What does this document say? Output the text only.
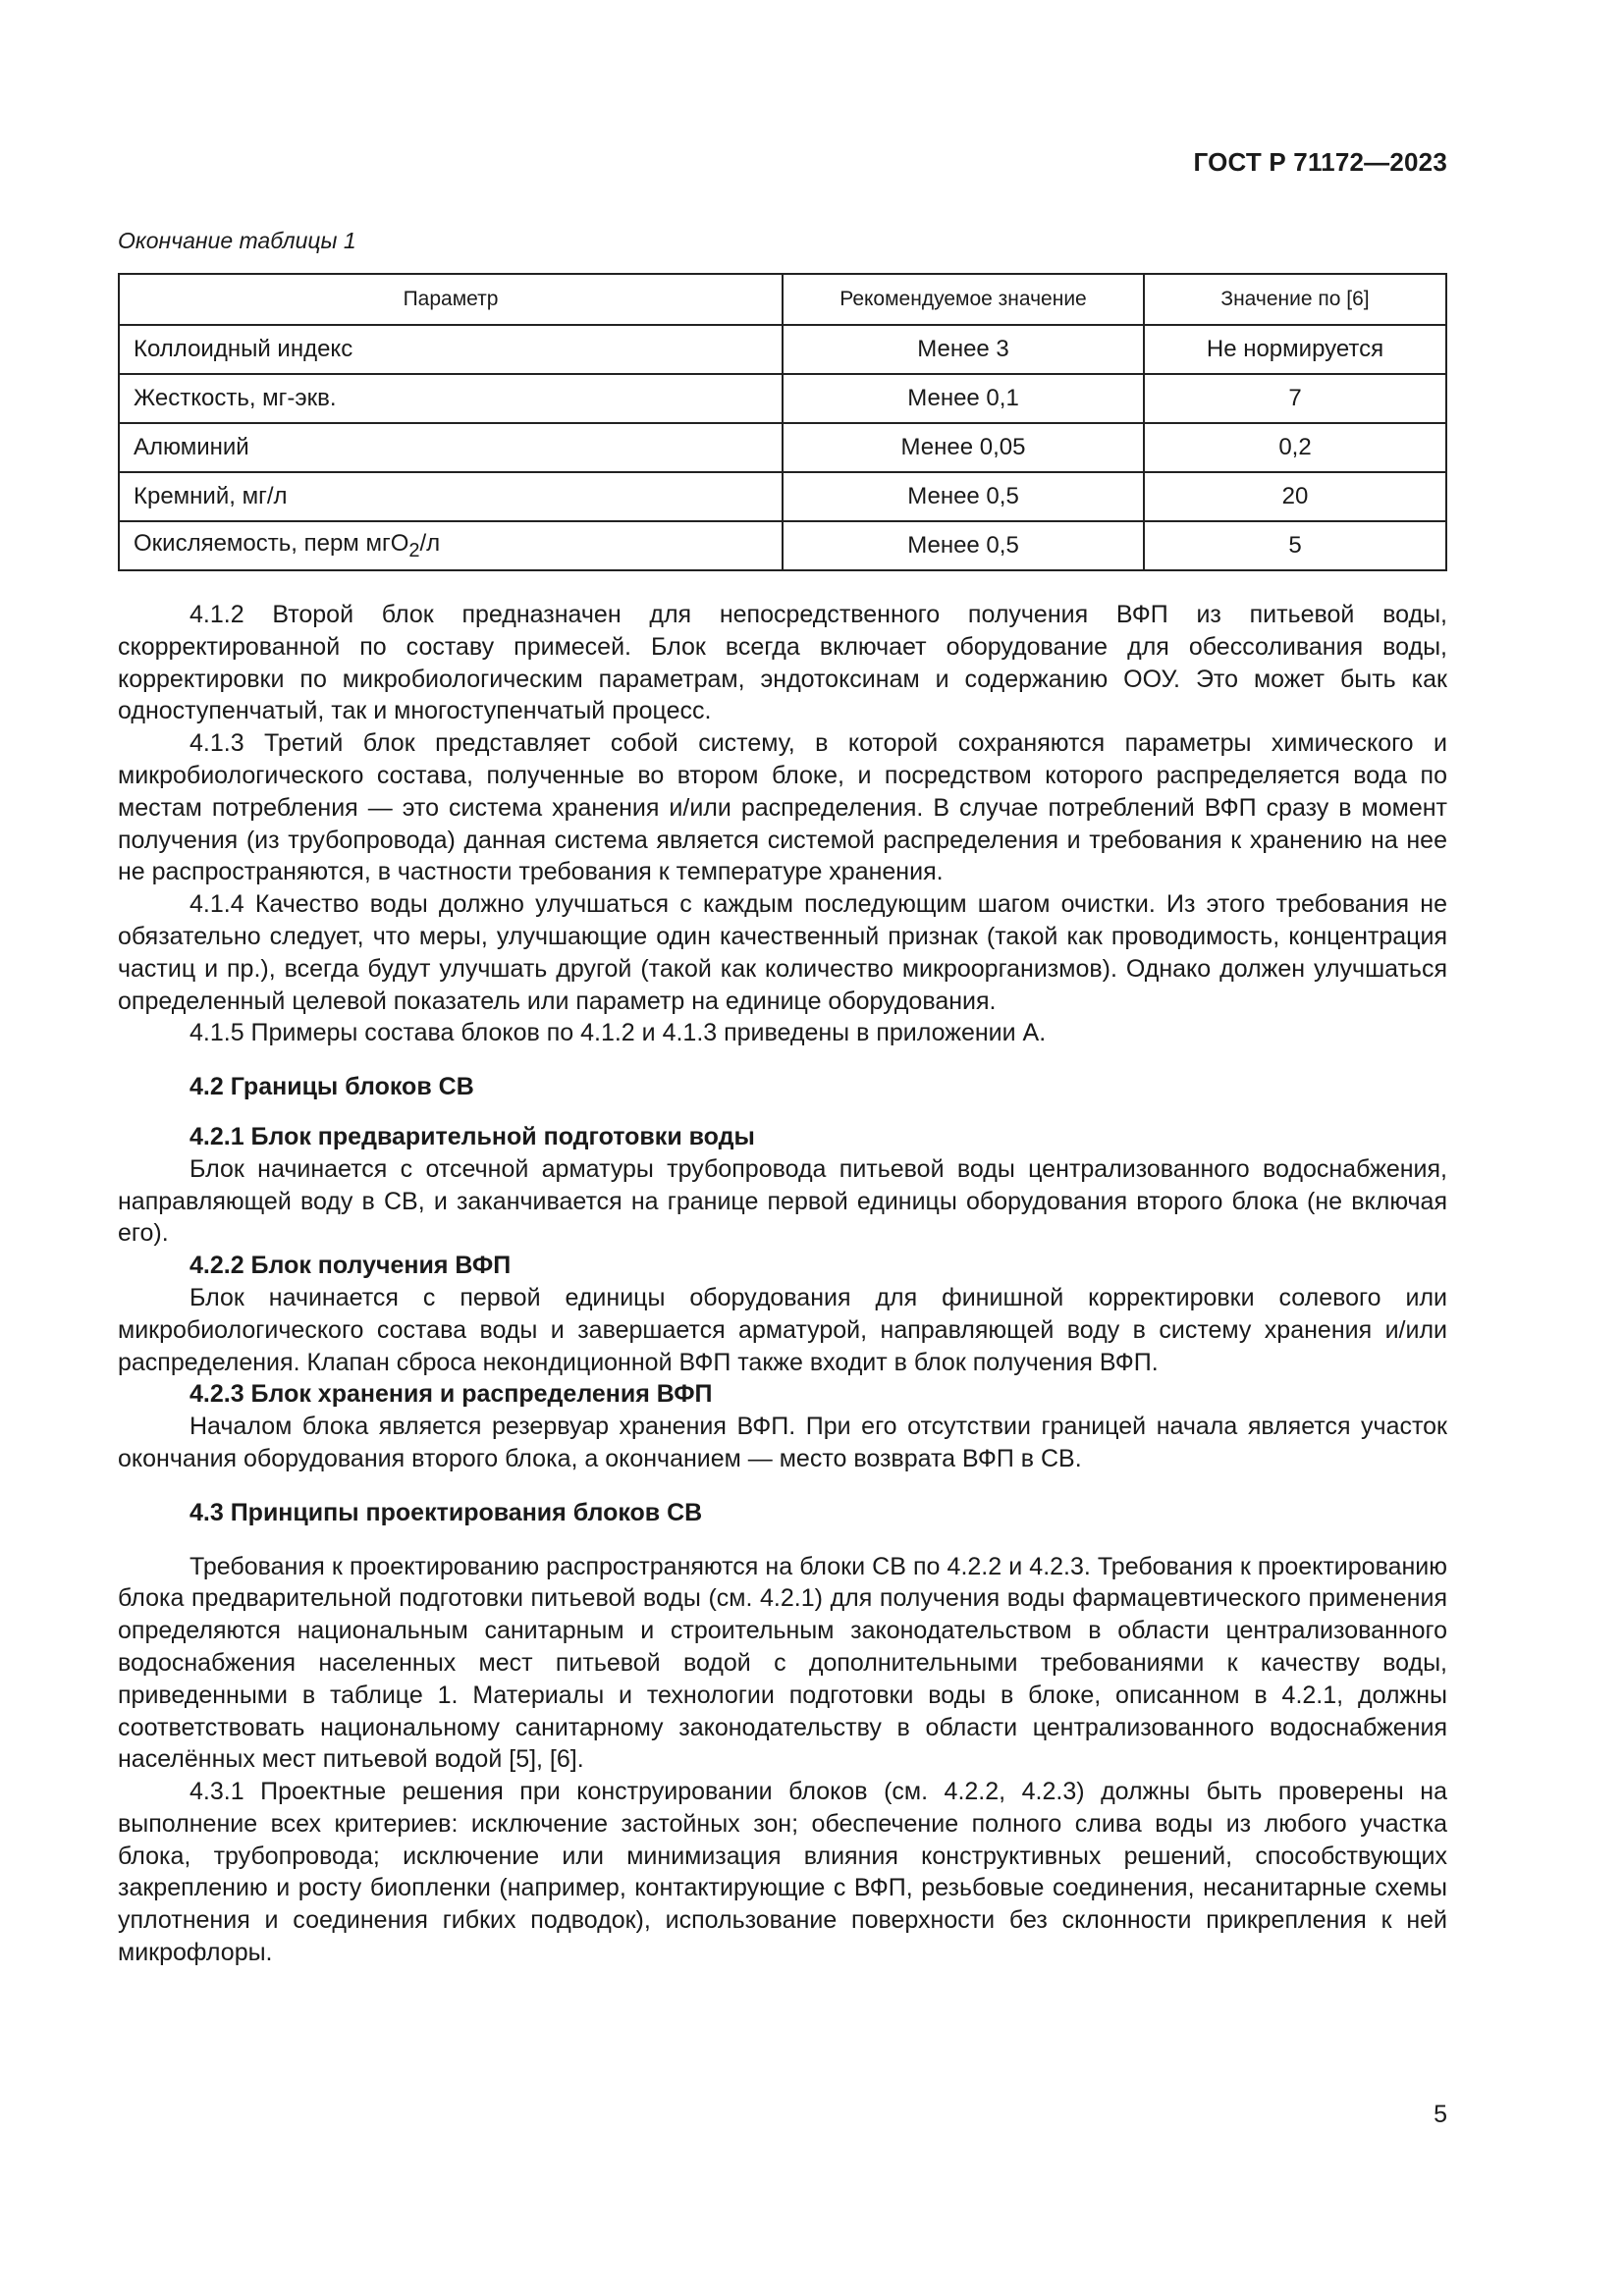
ГОСТ Р 71172—2023
Окончание таблицы 1
Параметр	Рекомендуемое значение	Значение по [6]
Коллоидный индекс	Менее 3	Не нормируется
Жесткость, мг-экв.	Менее 0,1	7
Алюминий	Менее 0,05	0,2
Кремний, мг/л	Менее 0,5	20
Окисляемость, перм мгО$_2$/л	Менее 0,5	5

4.1.2 Второй блок предназначен для непосредственного получения ВФП из питьевой воды, скорректированной по составу примесей. Блок всегда включает оборудование для обессоливания воды, корректировки по микробиологическим параметрам, эндотоксинам и содержанию ООУ. Это может быть как одноступенчатый, так и многоступенчатый процесс.

4.1.3 Третий блок представляет собой систему, в которой сохраняются параметры химического и микробиологического состава, полученные во втором блоке, и посредством которого распределяется вода по местам потребления — это система хранения и/или распределения. В случае потреблений ВФП сразу в момент получения (из трубопровода) данная система является системой распределения и требования к хранению на нее не распространяются, в частности требования к температуре хранения.

4.1.4 Качество воды должно улучшаться с каждым последующим шагом очистки. Из этого требования не обязательно следует, что меры, улучшающие один качественный признак (такой как проводимость, концентрация частиц и пр.), всегда будут улучшать другой (такой как количество микроорганизмов). Однако должен улучшаться определенный целевой показатель или параметр на единице оборудования.

4.1.5 Примеры состава блоков по 4.1.2 и 4.1.3 приведены в приложении А.

4.2 Границы блоков СВ
4.2.1 Блок предварительной подготовки воды

Блок начинается с отсечной арматуры трубопровода питьевой воды централизованного водоснабжения, направляющей воду в СВ, и заканчивается на границе первой единицы оборудования второго блока (не включая его).

4.2.2 Блок получения ВФП

Блок начинается с первой единицы оборудования для финишной корректировки солевого или микробиологического состава воды и завершается арматурой, направляющей воду в систему хранения и/или распределения. Клапан сброса некондиционной ВФП также входит в блок получения ВФП.

4.2.3 Блок хранения и распределения ВФП

Началом блока является резервуар хранения ВФП. При его отсутствии границей начала является участок окончания оборудования второго блока, а окончанием — место возврата ВФП в СВ.

4.3 Принципы проектирования блоков СВ

Требования к проектированию распространяются на блоки СВ по 4.2.2 и 4.2.3. Требования к проектированию блока предварительной подготовки питьевой воды (см. 4.2.1) для получения воды фармацевтического применения определяются национальным санитарным и строительным законодательством в области централизованного водоснабжения населенных мест питьевой водой с дополнительными требованиями к качеству воды, приведенными в таблице 1. Материалы и технологии подготовки воды в блоке, описанном в 4.2.1, должны соответствовать национальному санитарному законодательству в области централизованного водоснабжения населённых мест питьевой водой [5], [6].

4.3.1 Проектные решения при конструировании блоков (см. 4.2.2, 4.2.3) должны быть проверены на выполнение всех критериев: исключение застойных зон; обеспечение полного слива воды из любого участка блока, трубопровода; исключение или минимизация влияния конструктивных решений, способствующих закреплению и росту биопленки (например, контактирующие с ВФП, резьбовые соединения, несанитарные схемы уплотнения и соединения гибких подводок), использование поверхности без склонности прикрепления к ней микрофлоры.

5
